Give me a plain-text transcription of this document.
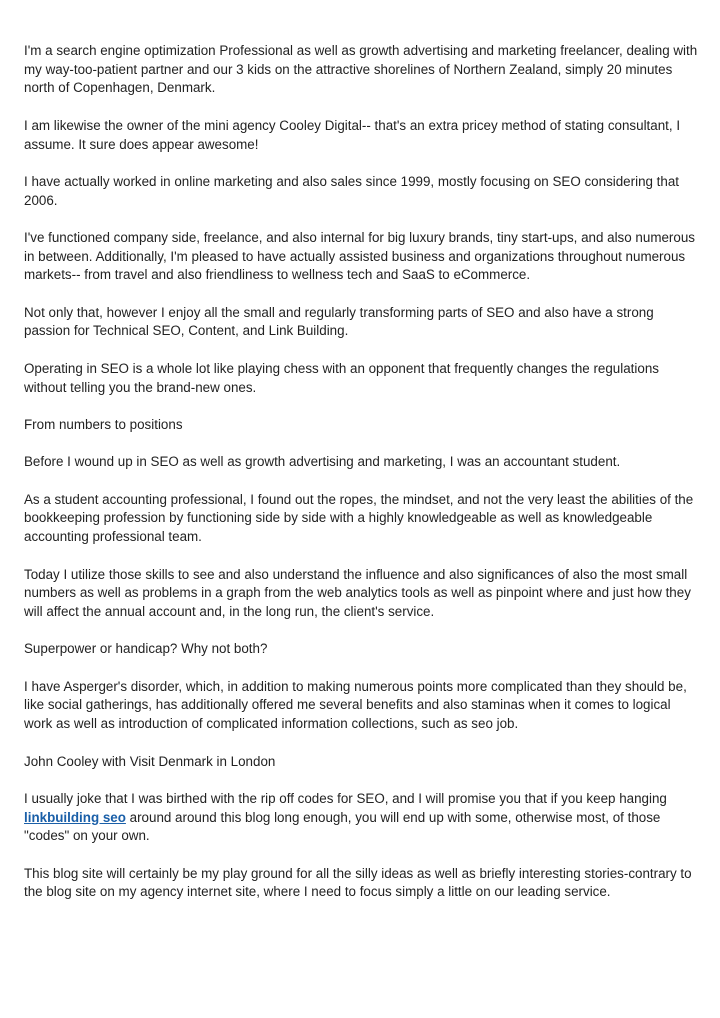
I'm a search engine optimization Professional as well as growth advertising and marketing freelancer, dealing with my way-too-patient partner and our 3 kids on the attractive shorelines of Northern Zealand, simply 20 minutes north of Copenhagen, Denmark.

I am likewise the owner of the mini agency Cooley Digital-- that's an extra pricey method of stating consultant, I assume. It sure does appear awesome!

I have actually worked in online marketing and also sales since 1999, mostly focusing on SEO considering that 2006.

I've functioned company side, freelance, and also internal for big luxury brands, tiny start-ups, and also numerous in between. Additionally, I'm pleased to have actually assisted business and organizations throughout numerous markets-- from travel and also friendliness to wellness tech and SaaS to eCommerce.

Not only that, however I enjoy all the small and regularly transforming parts of SEO and also have a strong passion for Technical SEO, Content, and Link Building.

Operating in SEO is a whole lot like playing chess with an opponent that frequently changes the regulations without telling you the brand-new ones.

From numbers to positions

Before I wound up in SEO as well as growth advertising and marketing, I was an accountant student.

As a student accounting professional, I found out the ropes, the mindset, and not the very least the abilities of the bookkeeping profession by functioning side by side with a highly knowledgeable as well as knowledgeable accounting professional team.

Today I utilize those skills to see and also understand the influence and also significances of also the most small numbers as well as problems in a graph from the web analytics tools as well as pinpoint where and just how they will affect the annual account and, in the long run, the client's service.

Superpower or handicap? Why not both?

I have Asperger's disorder, which, in addition to making numerous points more complicated than they should be, like social gatherings, has additionally offered me several benefits and also staminas when it comes to logical work as well as introduction of complicated information collections, such as seo job.

John Cooley with Visit Denmark in London

I usually joke that I was birthed with the rip off codes for SEO, and I will promise you that if you keep hanging linkbuilding seo around around this blog long enough, you will end up with some, otherwise most, of those "codes" on your own.

This blog site will certainly be my play ground for all the silly ideas as well as briefly interesting stories-contrary to the blog site on my agency internet site, where I need to focus simply a little on our leading service.
